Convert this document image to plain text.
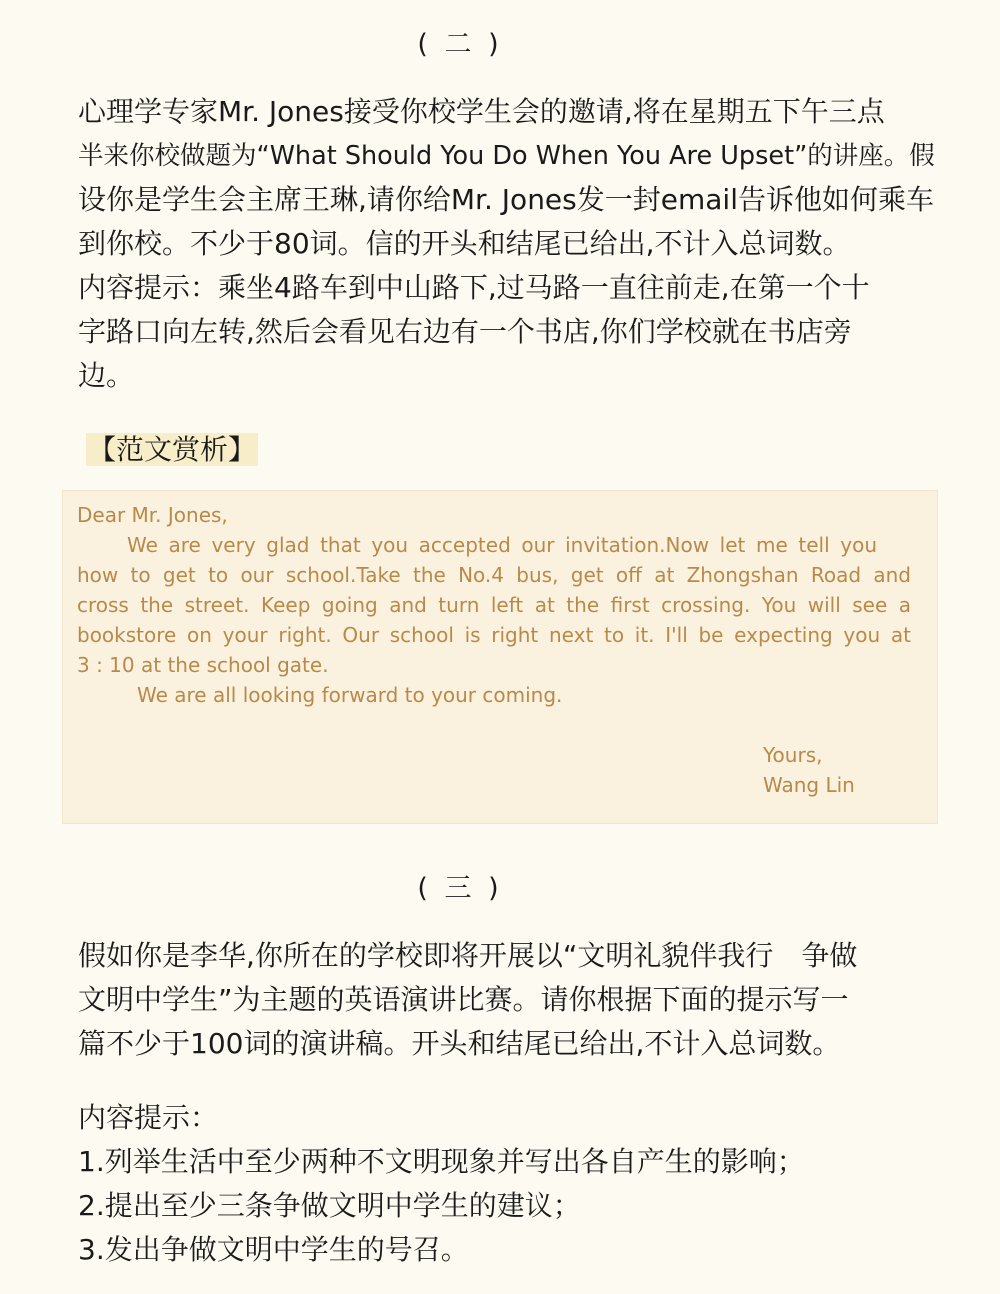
( 二 )
心理学专家Mr. Jones接受你校学生会的邀请,将在星期五下午三点
半来你校做题为“What Should You Do When You Are Upset”的讲座。假
设你是学生会主席王琳,请你给Mr. Jones发一封email告诉他如何乘车
到你校。不少于80词。信的开头和结尾已给出,不计入总词数。
内容提示：乘坐4路车到中山路下,过马路一直往前走,在第一个十
字路口向左转,然后会看见右边有一个书店,你们学校就在书店旁
边。
【范文赏析】
Dear Mr. Jones,
We are very glad that you accepted our invitation.Now let me tell you
how to get to our school.Take the No.4 bus, get off at Zhongshan Road and
cross the street. Keep going and turn left at the first crossing. You will see a
bookstore on your right. Our school is right next to it. I'll be expecting you at
3 : 10 at the school gate.
We are all looking forward to your coming.
Yours,
Wang Lin
( 三 )
假如你是李华,你所在的学校即将开展以“文明礼貌伴我行　争做
文明中学生”为主题的英语演讲比赛。请你根据下面的提示写一
篇不少于100词的演讲稿。开头和结尾已给出,不计入总词数。
内容提示：
1.列举生活中至少两种不文明现象并写出各自产生的影响；
2.提出至少三条争做文明中学生的建议；
3.发出争做文明中学生的号召。
